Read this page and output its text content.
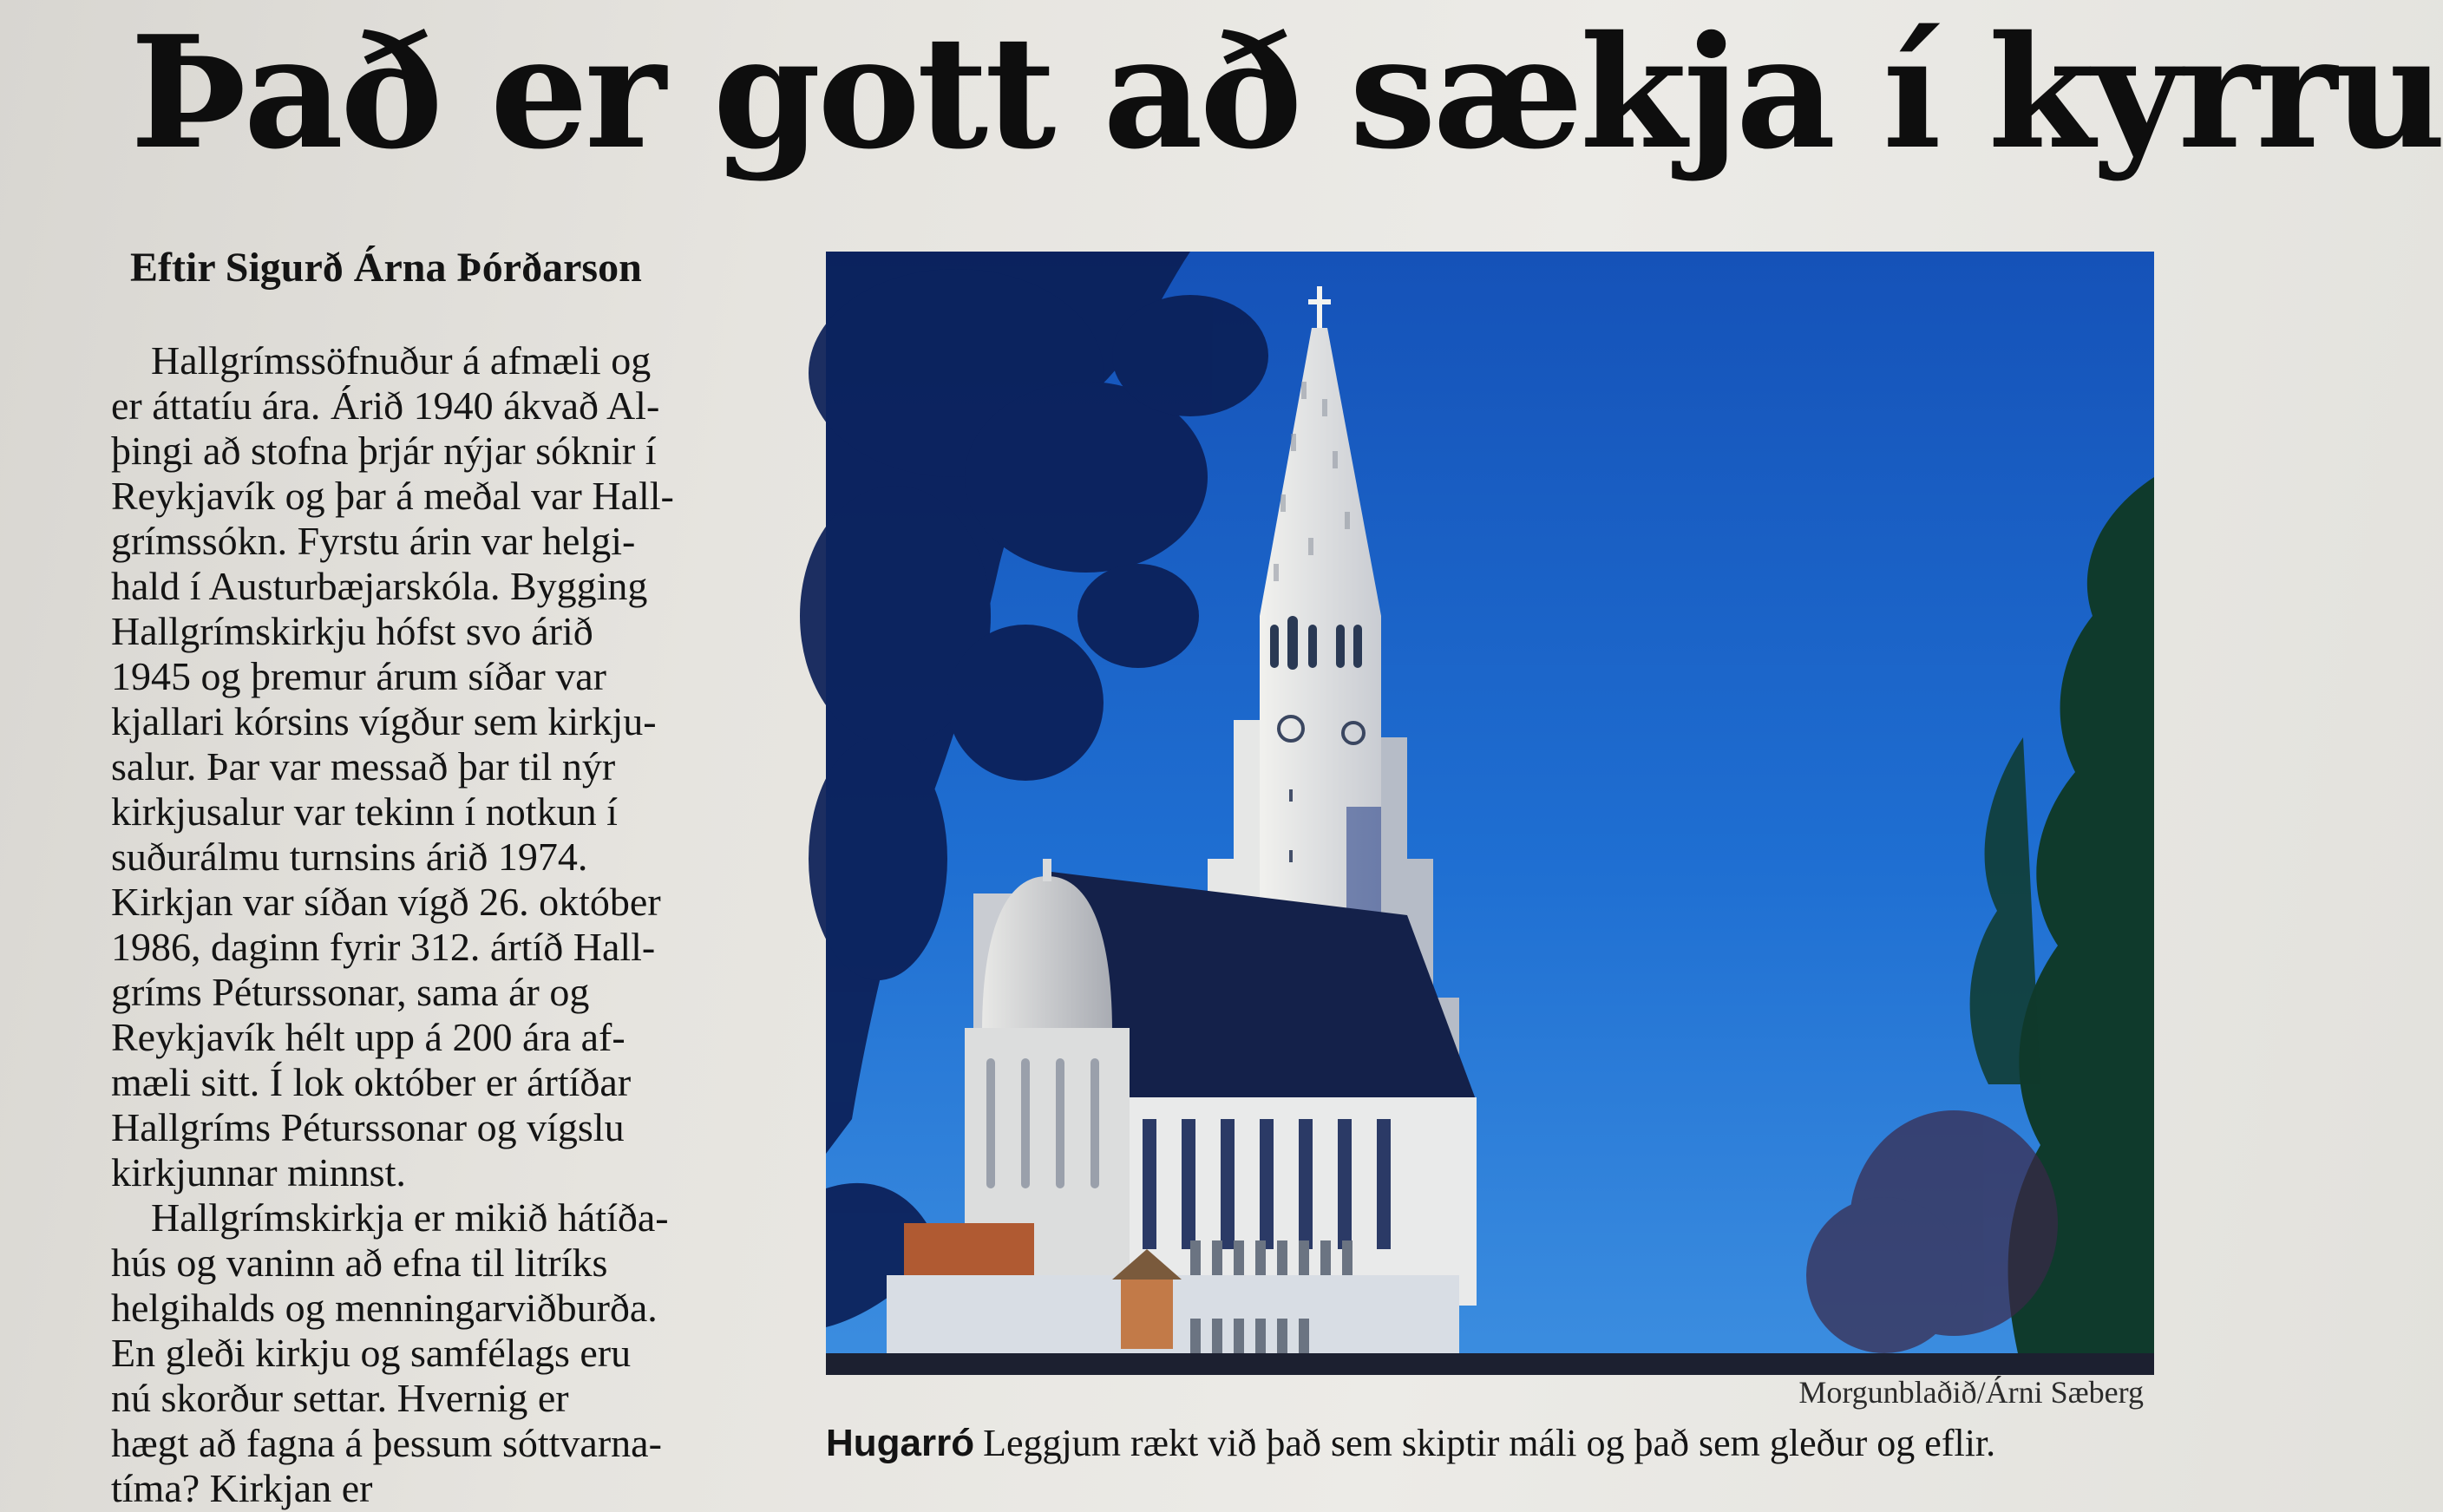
Það er gott að sækja í kyrru

Eftir Sigurð Árna Þórðarson

Hallgrímssöfnuður á afmæli og
er áttatíu ára. Árið 1940 ákvað Al-
þingi að stofna þrjár nýjar sóknir í
Reykjavík og þar á meðal var Hall-
grímssókn. Fyrstu árin var helgi-
hald í Austurbæjarskóla. Bygging
Hallgrímskirkju hófst svo árið
1945 og þremur árum síðar var
kjallari kórsins vígður sem kirkju-
salur. Þar var messað þar til nýr
kirkjusalur var tekinn í notkun í
suðurálmu turnsins árið 1974.
Kirkjan var síðan vígð 26. október
1986, daginn fyrir 312. ártíð Hall-
gríms Péturssonar, sama ár og
Reykjavík hélt upp á 200 ára af-
mæli sitt. Í lok október er ártíðar
Hallgríms Péturssonar og vígslu
kirkjunnar minnst.
Hallgrímskirkja er mikið hátíða-
hús og vaninn að efna til litríks
helgihalds og menningarviðburða.
En gleði kirkju og samfélags eru
nú skorður settar. Hvernig er
hægt að fagna á þessum sóttvarna-
tíma? Kirkjan er
Morgunblaðið/Árni Sæberg

Hugarró Leggjum rækt við það sem skiptir máli og það sem gleður og eflir.
